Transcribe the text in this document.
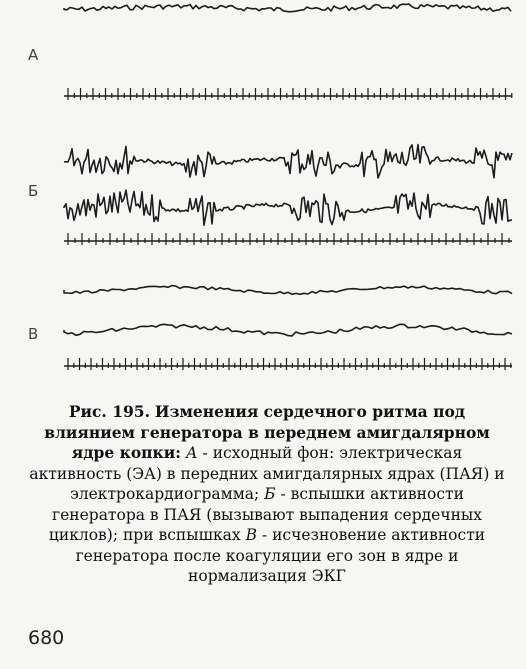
А
Б
В
Рис. 195. Изменения сердечного ритма под влиянием генератора в переднем амигдалярном ядре копки: А - исходный фон: электрическая активность (ЭА) в передних амигдалярных ядрах (ПАЯ) и электрокардиограмма; Б - вспышки активности генератора в ПАЯ (вызывают выпадения сердечных циклов); при вспышках В - исчезновение активности генератора после коагуляции его зон в ядре и нормализация ЭКГ
680
